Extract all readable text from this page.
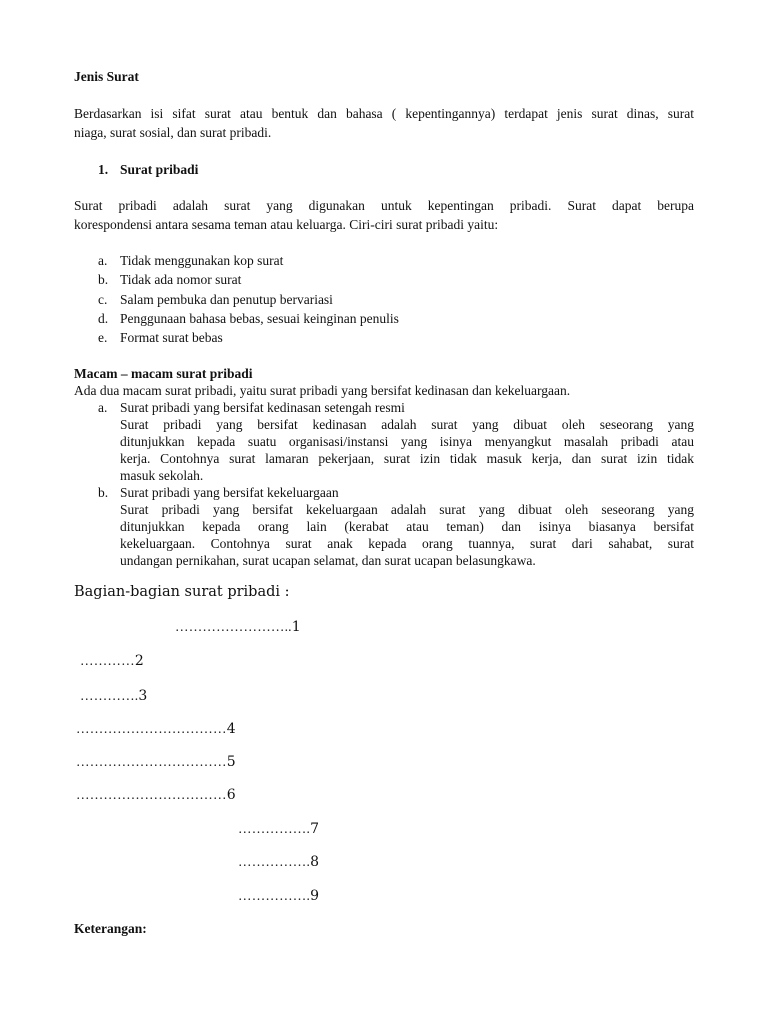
Jenis Surat
Berdasarkan isi sifat surat atau bentuk dan bahasa ( kepentingannya) terdapat jenis surat dinas, surat
niaga, surat sosial, dan surat pribadi.
1. Surat pribadi
Surat pribadi adalah surat yang digunakan untuk kepentingan pribadi. Surat dapat berupa
korespondensi antara sesama teman atau keluarga. Ciri-ciri surat pribadi yaitu:
a. Tidak menggunakan kop surat
b. Tidak ada nomor surat
c. Salam pembuka dan penutup bervariasi
d. Penggunaan bahasa bebas, sesuai keinginan penulis
e. Format surat bebas
Macam – macam surat pribadi
Ada dua macam surat pribadi, yaitu surat pribadi yang bersifat kedinasan dan kekeluargaan.
a. Surat pribadi yang bersifat kedinasan setengah resmi
Surat pribadi yang bersifat kedinasan adalah surat yang dibuat oleh seseorang yang
ditunjukkan kepada suatu organisasi/instansi yang isinya menyangkut masalah pribadi atau
kerja. Contohnya surat lamaran pekerjaan, surat izin tidak masuk kerja, dan surat izin tidak
masuk sekolah.
b. Surat pribadi yang bersifat kekeluargaan
Surat pribadi yang bersifat kekeluargaan adalah surat yang dibuat oleh seseorang yang
ditunjukkan kepada orang lain (kerabat atau teman) dan isinya biasanya bersifat
kekeluargaan. Contohnya surat anak kepada orang tuannya, surat dari sahabat, surat
undangan pernikahan, surat ucapan selamat, dan surat ucapan belasungkawa.
Bagian-bagian surat pribadi :
……………………..1
…………2
………….3
……………………………4
……………………………5
……………………………6
…………….7
…………….8
…………….9
Keterangan:
